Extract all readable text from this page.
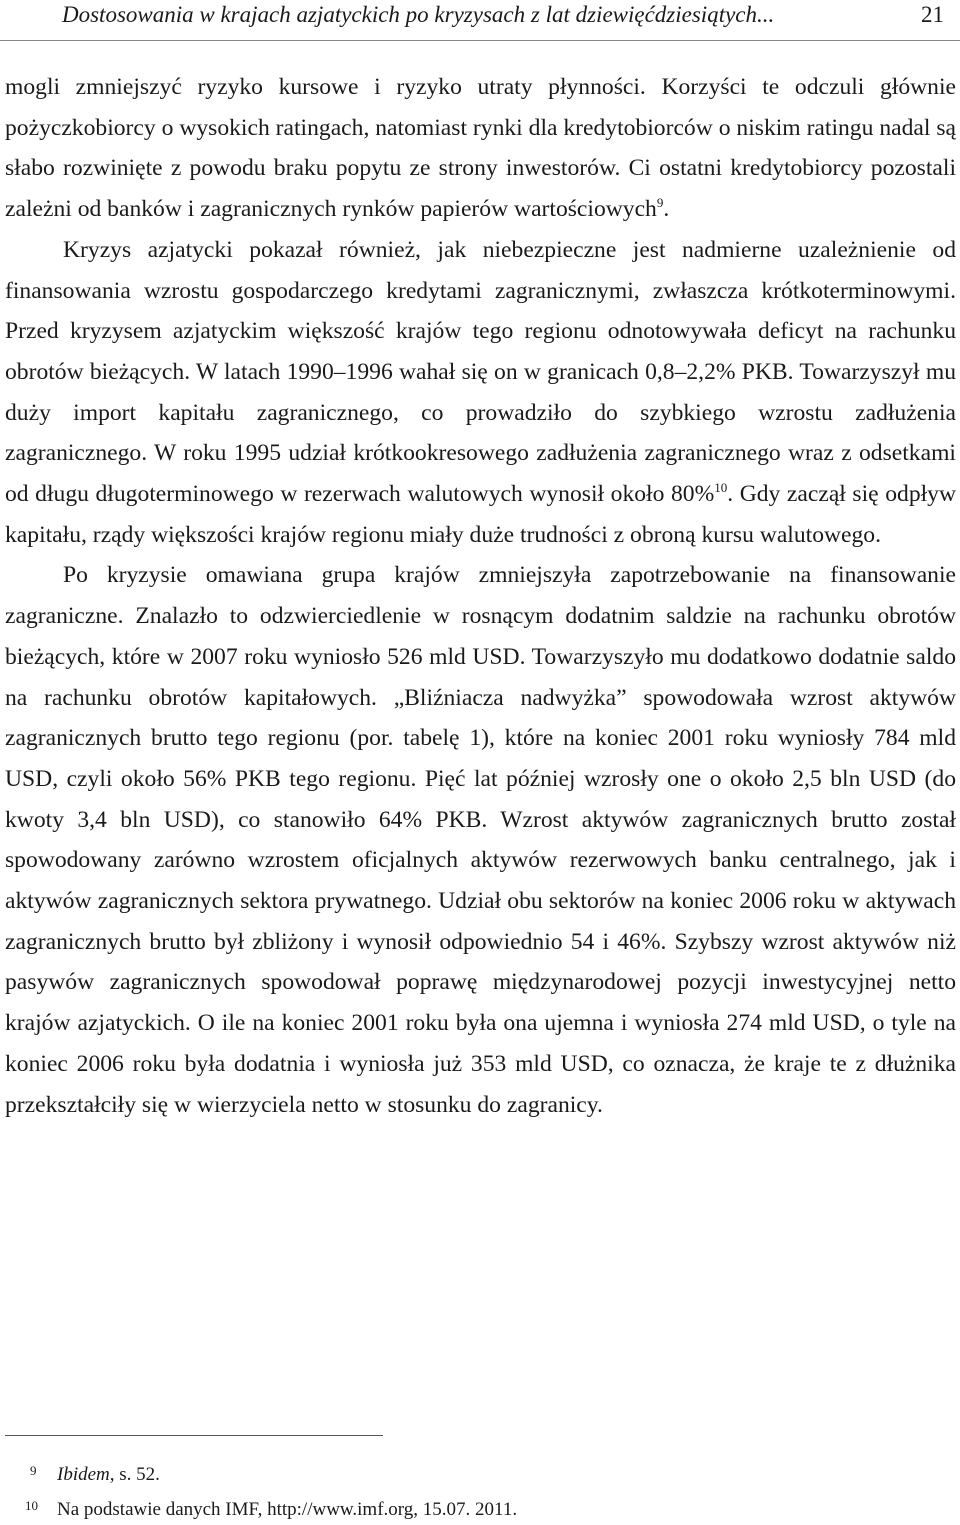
Dostosowania w krajach azjatyckich po kryzysach z lat dziewięćdziesiątych...	21

mogli zmniejszyć ryzyko kursowe i ryzyko utraty płynności. Korzyści te odczuli głównie pożyczkobiorcy o wysokich ratingach, natomiast rynki dla kredytobiorców o niskim ratingu nadal są słabo rozwinięte z powodu braku popytu ze strony inwestorów. Ci ostatni kredytobiorcy pozostali zależni od banków i zagranicznych rynków papierów wartościowych$^9$.

Kryzys azjatycki pokazał również, jak niebezpieczne jest nadmierne uzależnienie od finansowania wzrostu gospodarczego kredytami zagranicznymi, zwłaszcza krótkoterminowymi. Przed kryzysem azjatyckim większość krajów tego regionu odnotowywała deficyt na rachunku obrotów bieżących. W latach 1990–1996 wahał się on w granicach 0,8–2,2% PKB. Towarzyszył mu duży import kapitału zagranicznego, co prowadziło do szybkiego wzrostu zadłużenia zagranicznego. W roku 1995 udział krótkookresowego zadłużenia zagranicznego wraz z odsetkami od długu długoterminowego w rezerwach walutowych wynosił około 80%$^{10}$. Gdy zaczął się odpływ kapitału, rządy większości krajów regionu miały duże trudności z obroną kursu walutowego.

Po kryzysie omawiana grupa krajów zmniejszyła zapotrzebowanie na finansowanie zagraniczne. Znalazło to odzwierciedlenie w rosnącym dodatnim saldzie na rachunku obrotów bieżących, które w 2007 roku wyniosło 526 mld USD. Towarzyszyło mu dodatkowo dodatnie saldo na rachunku obrotów kapitałowych. „Bliźniacza nadwyżka” spowodowała wzrost aktywów zagranicznych brutto tego regionu (por. tabelę 1), które na koniec 2001 roku wyniosły 784 mld USD, czyli około 56% PKB tego regionu. Pięć lat później wzrosły one o około 2,5 bln USD (do kwoty 3,4 bln USD), co stanowiło 64% PKB. Wzrost aktywów zagranicznych brutto został spowodowany zarówno wzrostem oficjalnych aktywów rezerwowych banku centralnego, jak i aktywów zagranicznych sektora prywatnego. Udział obu sektorów na koniec 2006 roku w aktywach zagranicznych brutto był zbliżony i wynosił odpowiednio 54 i 46%. Szybszy wzrost aktywów niż pasywów zagranicznych spowodował poprawę międzynarodowej pozycji inwestycyjnej netto krajów azjatyckich. O ile na koniec 2001 roku była ona ujemna i wyniosła 274 mld USD, o tyle na koniec 2006 roku była dodatnia i wyniosła już 353 mld USD, co oznacza, że kraje te z dłużnika przekształciły się w wierzyciela netto w stosunku do zagranicy.

9 Ibidem, s. 52.
10 Na podstawie danych IMF, http://www.imf.org, 15.07. 2011.
